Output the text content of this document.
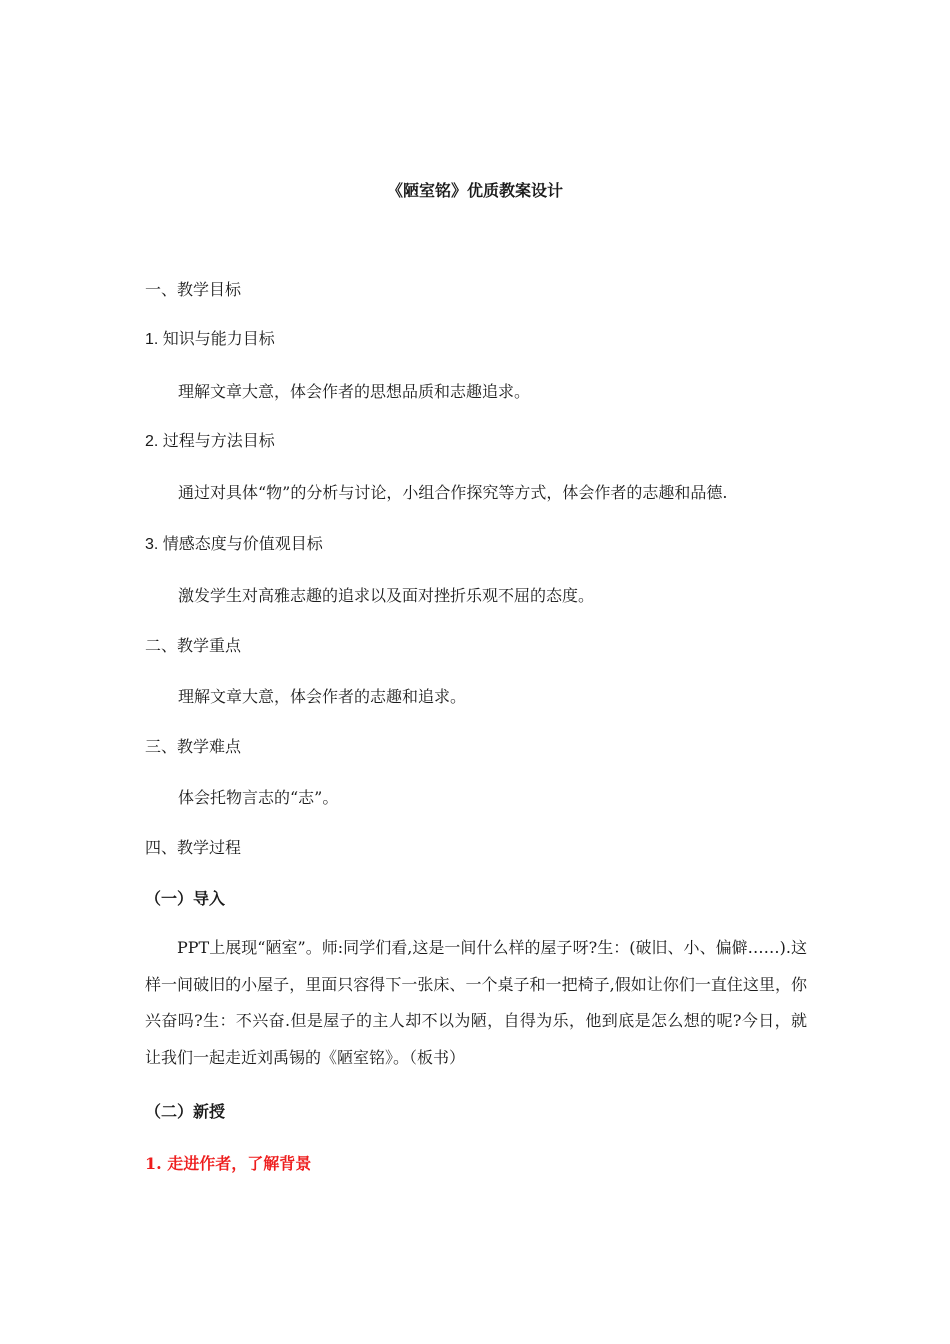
《陋室铭》优质教案设计
一、教学目标
1. 知识与能力目标
理解文章大意，体会作者的思想品质和志趣追求。
2. 过程与方法目标
通过对具体“物”的分析与讨论，小组合作探究等方式，体会作者的志趣和品德.
3. 情感态度与价值观目标
激发学生对高雅志趣的追求以及面对挫折乐观不屈的态度。
二、教学重点
理解文章大意，体会作者的志趣和追求。
三、教学难点
体会托物言志的“志”。
四、教学过程
（一）导入
PPT上展现“陋室”。师:同学们看,这是一间什么样的屋子呀?生：(破旧、小、偏僻……).这样一间破旧的小屋子，里面只容得下一张床、一个桌子和一把椅子,假如让你们一直住这里，你兴奋吗?生：不兴奋.但是屋子的主人却不以为陋，自得为乐，他到底是怎么想的呢?今日，就让我们一起走近刘禹锡的《陋室铭》。（板书）
（二）新授
1. 走进作者，了解背景
